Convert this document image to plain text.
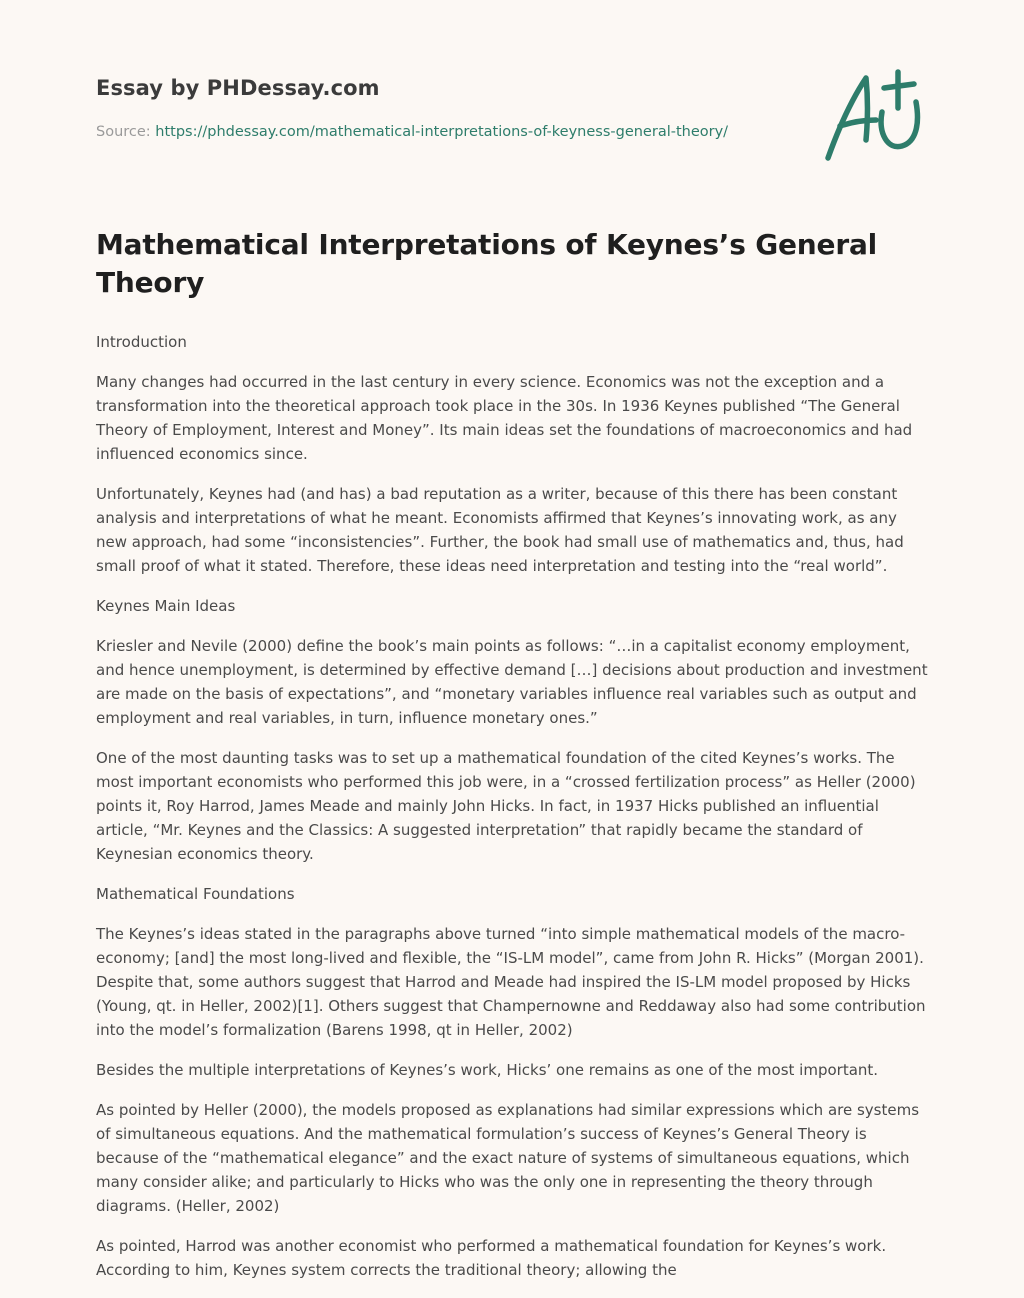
Essay by PHDessay.com
Source: https://phdessay.com/mathematical-interpretations-of-keyness-general-theory/
Mathematical Interpretations of Keynes’s General Theory

Introduction

Many changes had occurred in the last century in every science. Economics was not the exception and a transformation into the theoretical approach took place in the 30s. In 1936 Keynes published “The General Theory of Employment, Interest and Money”. Its main ideas set the foundations of macroeconomics and had influenced economics since.

Unfortunately, Keynes had (and has) a bad reputation as a writer, because of this there has been constant analysis and interpretations of what he meant. Economists affirmed that Keynes’s innovating work, as any new approach, had some “inconsistencies”. Further, the book had small use of mathematics and, thus, had small proof of what it stated. Therefore, these ideas need interpretation and testing into the “real world”.

Keynes Main Ideas

Kriesler and Nevile (2000) define the book’s main points as follows: “…in a capitalist economy employment, and hence unemployment, is determined by effective demand […] decisions about production and investment are made on the basis of expectations”, and “monetary variables influence real variables such as output and employment and real variables, in turn, influence monetary ones.”

One of the most daunting tasks was to set up a mathematical foundation of the cited Keynes’s works. The most important economists who performed this job were, in a “crossed fertilization process” as Heller (2000) points it, Roy Harrod, James Meade and mainly John Hicks. In fact, in 1937 Hicks published an influential article, “Mr. Keynes and the Classics: A suggested interpretation” that rapidly became the standard of Keynesian economics theory.

Mathematical Foundations

The Keynes’s ideas stated in the paragraphs above turned “into simple mathematical models of the macro-economy; [and] the most long-lived and flexible, the “IS-LM model”, came from John R. Hicks” (Morgan 2001). Despite that, some authors suggest that Harrod and Meade had inspired the IS-LM model proposed by Hicks (Young, qt. in Heller, 2002)[1]. Others suggest that Champernowne and Reddaway also had some contribution into the model’s formalization (Barens 1998, qt in Heller, 2002)

Besides the multiple interpretations of Keynes’s work, Hicks’ one remains as one of the most important.

As pointed by Heller (2000), the models proposed as explanations had similar expressions which are systems of simultaneous equations. And the mathematical formulation’s success of Keynes’s General Theory is because of the “mathematical elegance” and the exact nature of systems of simultaneous equations, which many consider alike; and particularly to Hicks who was the only one in representing the theory through diagrams. (Heller, 2002)

As pointed, Harrod was another economist who performed a mathematical foundation for Keynes’s work. According to him, Keynes system corrects the traditional theory; allowing the
